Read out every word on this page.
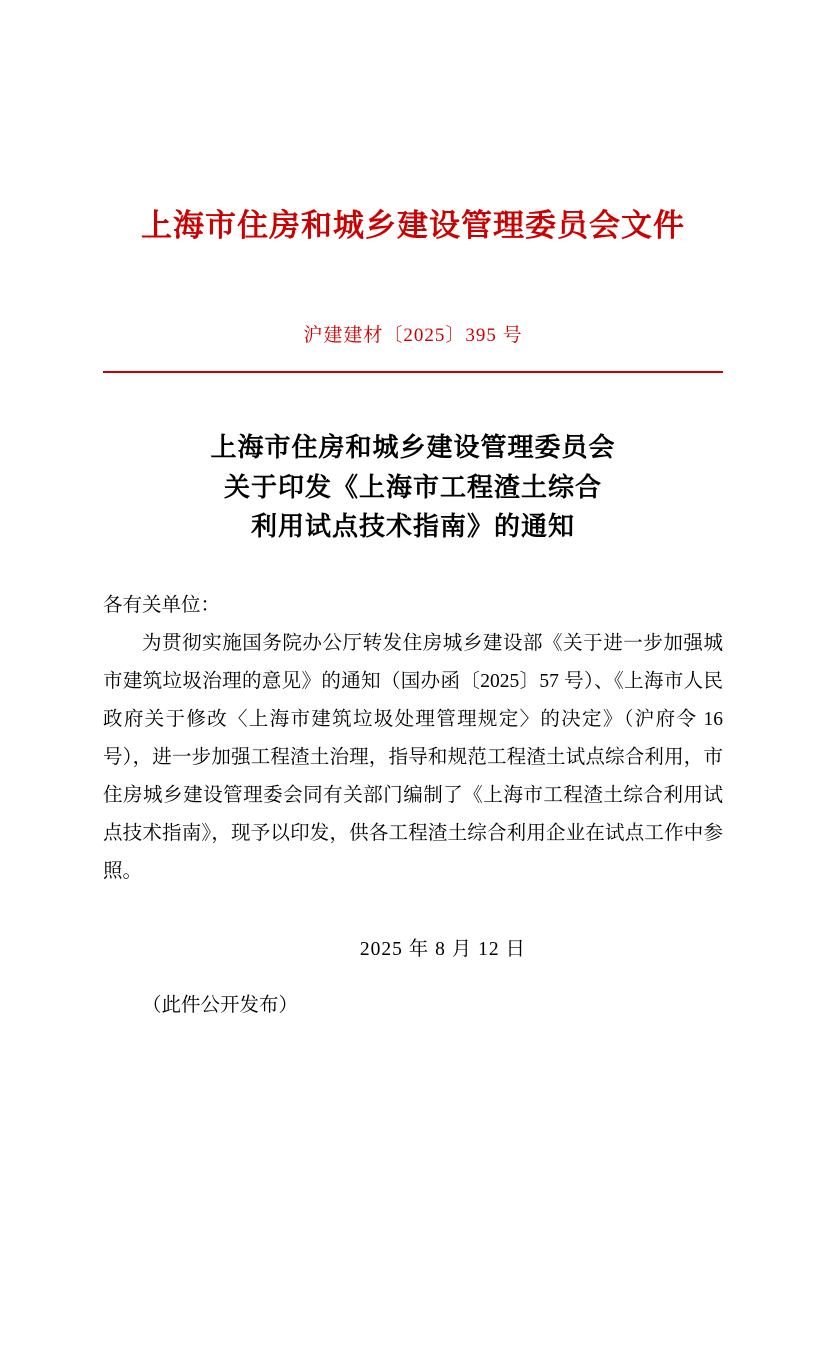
上海市住房和城乡建设管理委员会文件
沪建建材〔2025〕395 号
上海市住房和城乡建设管理委员会
关于印发《上海市工程渣土综合
利用试点技术指南》的通知
各有关单位：

为贯彻实施国务院办公厅转发住房城乡建设部《关于进一步加强城市建筑垃圾治理的意见》的通知（国办函〔2025〕57 号）、《上海市人民政府关于修改〈上海市建筑垃圾处理管理规定〉的决定》（沪府令 16 号），进一步加强工程渣土治理，指导和规范工程渣土试点综合利用，市住房城乡建设管理委会同有关部门编制了《上海市工程渣土综合利用试点技术指南》，现予以印发，供各工程渣土综合利用企业在试点工作中参照。

2025 年 8 月 12 日
（此件公开发布）
